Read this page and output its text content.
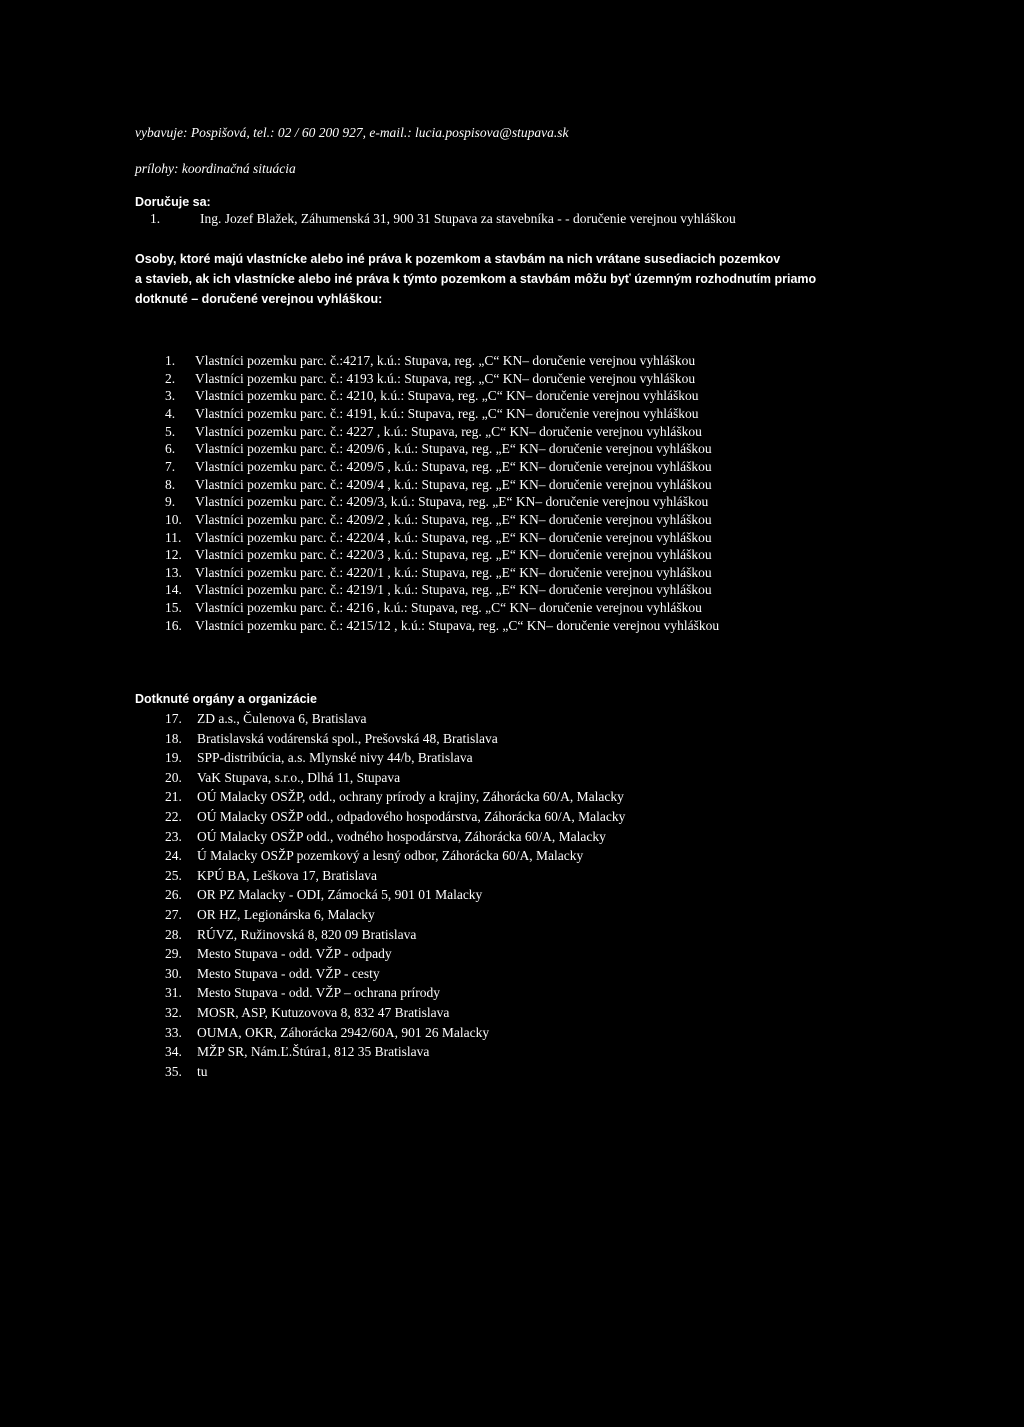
vybavuje: Pospišová, tel.: 02 / 60 200 927, e-mail.: lucia.pospisova@stupava.sk
prílohy: koordinačná situácia
Doručuje sa:
1.	Ing. Jozef Blažek, Záhumenská 31, 900 31 Stupava za stavebníka - - doručenie verejnou vyhláškou
Osoby, ktoré majú vlastnícke alebo iné práva k pozemkom a stavbám na nich vrátane susediacich pozemkov
a stavieb, ak ich vlastnícke alebo iné práva k týmto pozemkom a stavbám môžu byť územným rozhodnutím priamo
dotknuté – doručené verejnou vyhláškou:
1. Vlastníci pozemku parc. č.:4217, k.ú.: Stupava, reg. „C“ KN– doručenie verejnou vyhláškou
2. Vlastníci pozemku parc. č.: 4193 k.ú.: Stupava, reg. „C“ KN– doručenie verejnou vyhláškou
3. Vlastníci pozemku parc. č.: 4210, k.ú.: Stupava, reg. „C“ KN– doručenie verejnou vyhláškou
4. Vlastníci pozemku parc. č.: 4191, k.ú.: Stupava, reg. „C“ KN– doručenie verejnou vyhláškou
5. Vlastníci pozemku parc. č.: 4227 , k.ú.: Stupava, reg. „C“ KN– doručenie verejnou vyhláškou
6. Vlastníci pozemku parc. č.: 4209/6 , k.ú.: Stupava, reg. „E“ KN– doručenie verejnou vyhláškou
7. Vlastníci pozemku parc. č.: 4209/5 , k.ú.: Stupava, reg. „E“ KN– doručenie verejnou vyhláškou
8. Vlastníci pozemku parc. č.: 4209/4 , k.ú.: Stupava, reg. „E“ KN– doručenie verejnou vyhláškou
9. Vlastníci pozemku parc. č.: 4209/3, k.ú.: Stupava, reg. „E“ KN– doručenie verejnou vyhláškou
10. Vlastníci pozemku parc. č.: 4209/2 , k.ú.: Stupava, reg. „E“ KN– doručenie verejnou vyhláškou
11. Vlastníci pozemku parc. č.: 4220/4 , k.ú.: Stupava, reg. „E“ KN– doručenie verejnou vyhláškou
12. Vlastníci pozemku parc. č.: 4220/3 , k.ú.: Stupava, reg. „E“ KN– doručenie verejnou vyhláškou
13. Vlastníci pozemku parc. č.: 4220/1 , k.ú.: Stupava, reg. „E“ KN– doručenie verejnou vyhláškou
14. Vlastníci pozemku parc. č.: 4219/1 , k.ú.: Stupava, reg. „E“ KN– doručenie verejnou vyhláškou
15. Vlastníci pozemku parc. č.: 4216 , k.ú.: Stupava, reg. „C“ KN– doručenie verejnou vyhláškou
16. Vlastníci pozemku parc. č.: 4215/12 , k.ú.: Stupava, reg. „C“ KN– doručenie verejnou vyhláškou
Dotknuté orgány a organizácie
17. ZD a.s., Čulenova 6, Bratislava
18. Bratislavská vodárenská spol., Prešovská 48, Bratislava
19. SPP-distribúcia, a.s. Mlynské nivy 44/b, Bratislava
20. VaK Stupava, s.r.o., Dlhá 11, Stupava
21. OÚ Malacky OSŽP, odd., ochrany prírody a krajiny, Záhorácka 60/A, Malacky
22. OÚ Malacky OSŽP odd., odpadového hospodárstva, Záhorácka 60/A, Malacky
23. OÚ Malacky OSŽP odd., vodného hospodárstva, Záhorácka 60/A, Malacky
24. Ú Malacky OSŽP pozemkový a lesný odbor, Záhorácka 60/A, Malacky
25. KPÚ BA, Leškova 17, Bratislava
26. OR PZ Malacky - ODI, Zámocká 5, 901 01 Malacky
27. OR HZ, Legionárska 6, Malacky
28. RÚVZ, Ružinovská 8, 820 09 Bratislava
29. Mesto Stupava - odd. VŽP - odpady
30. Mesto Stupava - odd. VŽP - cesty
31. Mesto Stupava - odd. VŽP – ochrana prírody
32. MOSR, ASP, Kutuzovova 8, 832 47 Bratislava
33. OUMA, OKR, Záhorácka 2942/60A, 901 26 Malacky
34. MŽP SR, Nám.Ľ.Štúra1, 812 35 Bratislava
35. tu
